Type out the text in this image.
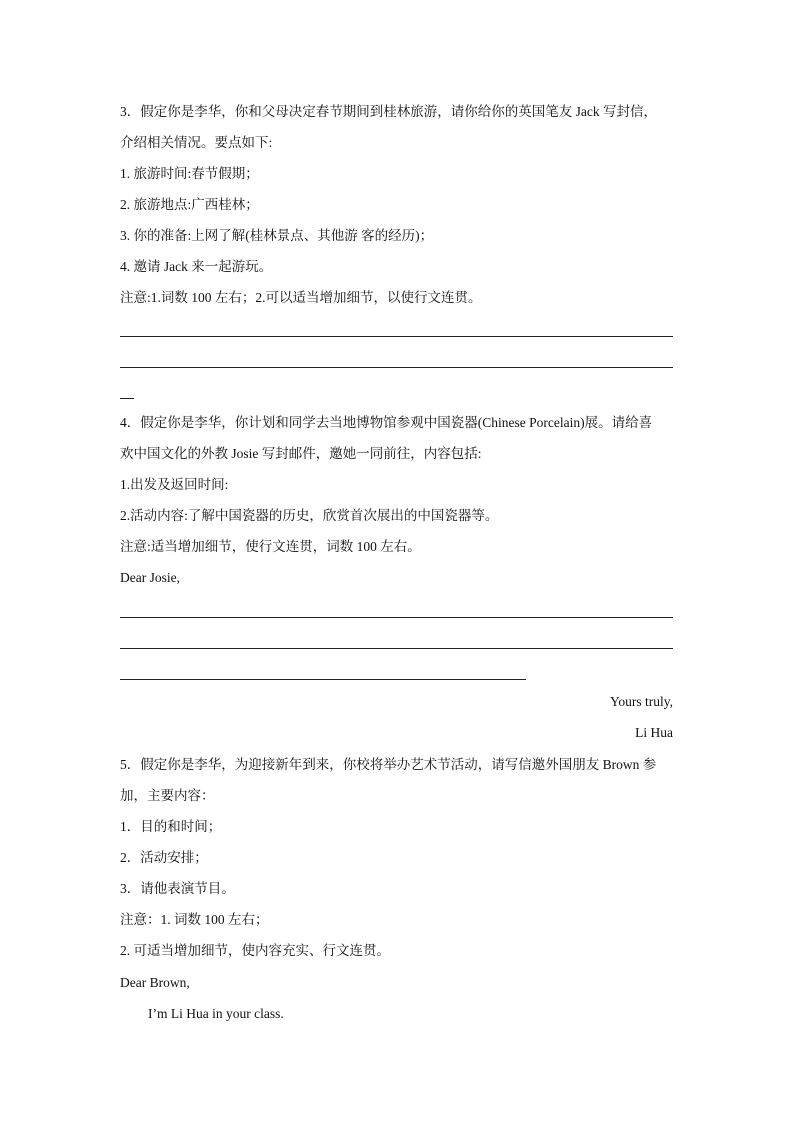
3．假定你是李华，你和父母决定春节期间到桂林旅游，请你给你的英国笔友 Jack 写封信，
介绍相关情况。要点如下:
1. 旅游时间:春节假期；
2. 旅游地点:广西桂林；
3. 你的准备:上网了解(桂林景点、其他游 客的经历)；
4. 邀请 Jack 来一起游玩。
注意:1.词数 100 左右；2.可以适当增加细节，以使行文连贯。
4．假定你是李华，你计划和同学去当地博物馆参观中国瓷器(Chinese Porcelain)展。请给喜
欢中国文化的外教 Josie 写封邮件，邀她一同前往，内容包括:
1.出发及返回时间:
2.活动内容:了解中国瓷器的历史，欣赏首次展出的中国瓷器等。
注意:适当增加细节，使行文连贯，词数 100 左右。
Dear Josie,
Yours truly,
Li Hua
5．假定你是李华，为迎接新年到来，你校将举办艺术节活动，请写信邀外国朋友 Brown 参
加，主要内容：
1．目的和时间；
2．活动安排；
3．请他表演节目。
注意：1. 词数 100 左右；
2. 可适当增加细节，使内容充实、行文连贯。
Dear Brown,
I’m Li Hua in your class.
